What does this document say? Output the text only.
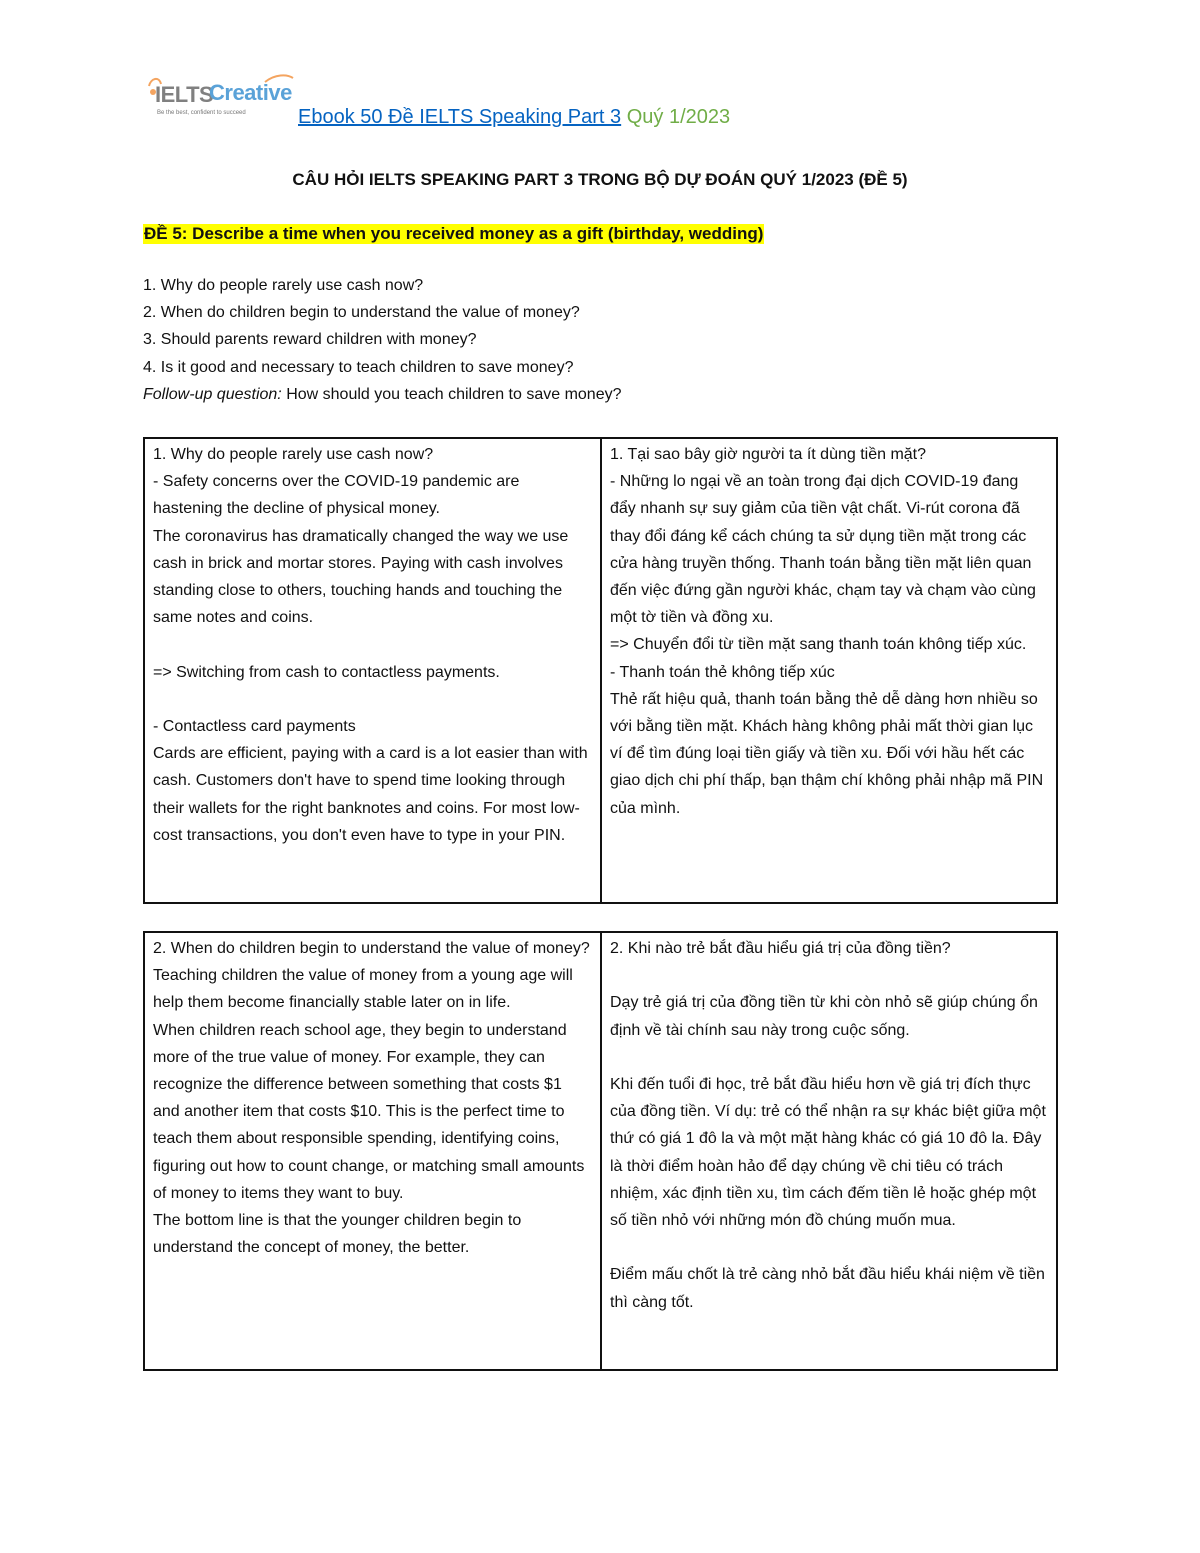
IELTS
Creative
Be the best, confident to succeed	Ebook 50 Đề IELTS Speaking Part 3 Quý 1/2023
CÂU HỎI IELTS SPEAKING PART 3 TRONG BỘ DỰ ĐOÁN QUÝ 1/2023 (ĐỀ 5)
ĐỀ 5: Describe a time when you received money as a gift (birthday, wedding)
1. Why do people rarely use cash now?
2. When do children begin to understand the value of money?
3. Should parents reward children with money?
4. Is it good and necessary to teach children to save money?
Follow-up question: How should you teach children to save money?

1. Why do people rarely use cash now?

- Safety concerns over the COVID-19 pandemic are hastening the decline of physical money.

The coronavirus has dramatically changed the way we use cash in brick and mortar stores. Paying with cash involves standing close to others, touching hands and touching the same notes and coins.

=> Switching from cash to contactless payments.

- Contactless card payments

Cards are efficient, paying with a card is a lot easier than with cash. Customers don't have to spend time looking through their wallets for the right banknotes and coins. For most low-cost transactions, you don't even have to type in your PIN.

1. Tại sao bây giờ người ta ít dùng tiền mặt?

- Những lo ngại về an toàn trong đại dịch COVID-19 đang đẩy nhanh sự suy giảm của tiền vật chất. Vi-rút corona đã thay đổi đáng kể cách chúng ta sử dụng tiền mặt trong các cửa hàng truyền thống. Thanh toán bằng tiền mặt liên quan đến việc đứng gần người khác, chạm tay và chạm vào cùng một tờ tiền và đồng xu.

=> Chuyển đổi từ tiền mặt sang thanh toán không tiếp xúc.

- Thanh toán thẻ không tiếp xúc

Thẻ rất hiệu quả, thanh toán bằng thẻ dễ dàng hơn nhiều so với bằng tiền mặt. Khách hàng không phải mất thời gian lục ví để tìm đúng loại tiền giấy và tiền xu. Đối với hầu hết các giao dịch chi phí thấp, bạn thậm chí không phải nhập mã PIN của mình.

2. When do children begin to understand the value of money?

Teaching children the value of money from a young age will help them become financially stable later on in life.

When children reach school age, they begin to understand more of the true value of money. For example, they can recognize the difference between something that costs $1 and another item that costs $10. This is the perfect time to teach them about responsible spending, identifying coins, figuring out how to count change, or matching small amounts of money to items they want to buy.

The bottom line is that the younger children begin to understand the concept of money, the better.

2. Khi nào trẻ bắt đầu hiểu giá trị của đồng tiền?

Dạy trẻ giá trị của đồng tiền từ khi còn nhỏ sẽ giúp chúng ổn định về tài chính sau này trong cuộc sống.

Khi đến tuổi đi học, trẻ bắt đầu hiểu hơn về giá trị đích thực của đồng tiền. Ví dụ: trẻ có thể nhận ra sự khác biệt giữa một thứ có giá 1 đô la và một mặt hàng khác có giá 10 đô la. Đây là thời điểm hoàn hảo để dạy chúng về chi tiêu có trách nhiệm, xác định tiền xu, tìm cách đếm tiền lẻ hoặc ghép một số tiền nhỏ với những món đồ chúng muốn mua.

Điểm mấu chốt là trẻ càng nhỏ bắt đầu hiểu khái niệm về tiền thì càng tốt.
